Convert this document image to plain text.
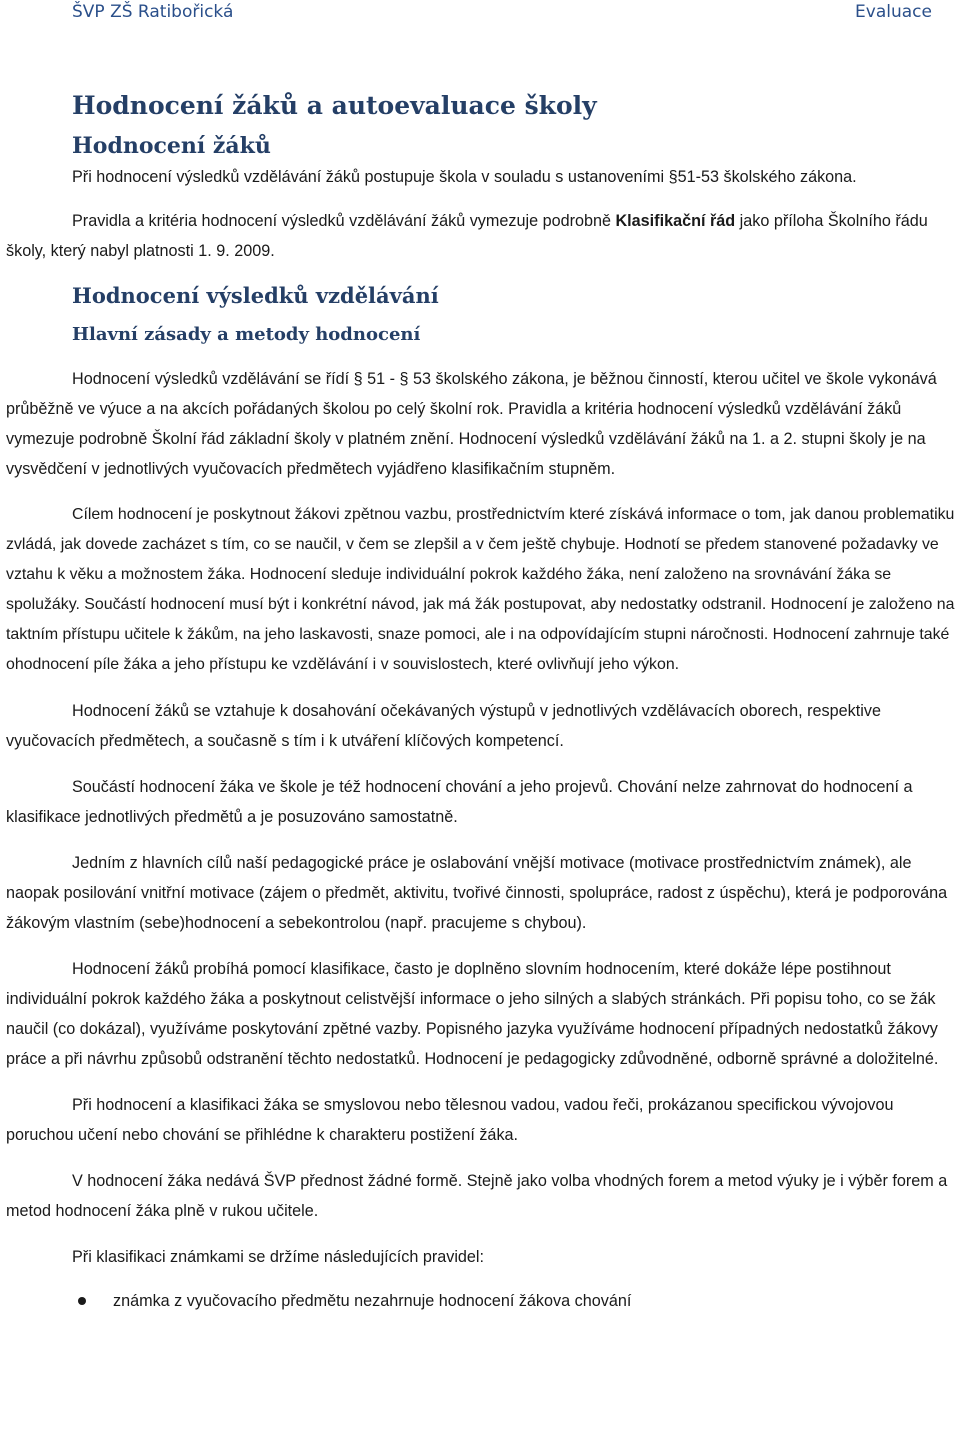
ŠVP ZŠ Ratibořická	Evaluace
Hodnocení žáků a autoevaluace školy
Hodnocení žáků

Při hodnocení výsledků vzdělávání žáků postupuje škola v souladu s ustanoveními §51-53 školského zákona.

Pravidla a kritéria hodnocení výsledků vzdělávání žáků vymezuje podrobně Klasifikační řád jako příloha Školního řádu školy, který nabyl platnosti 1. 9. 2009.

Hodnocení výsledků vzdělávání
Hlavní zásady a metody hodnocení

Hodnocení výsledků vzdělávání se řídí § 51 - § 53 školského zákona, je běžnou činností, kterou učitel ve škole vykonává průběžně ve výuce a na akcích pořádaných školou po celý školní rok. Pravidla a kritéria hodnocení výsledků vzdělávání žáků vymezuje podrobně Školní řád základní školy v platném znění. Hodnocení výsledků vzdělávání žáků na 1. a 2. stupni školy je na vysvědčení v jednotlivých vyučovacích předmětech vyjádřeno klasifikačním stupněm.

Cílem hodnocení je poskytnout žákovi zpětnou vazbu, prostřednictvím které získává informace o tom, jak danou problematiku zvládá, jak dovede zacházet s tím, co se naučil, v čem se zlepšil a v čem ještě chybuje. Hodnotí se předem stanovené požadavky ve vztahu k věku a možnostem žáka. Hodnocení sleduje individuální pokrok každého žáka, není založeno na srovnávání žáka se spolužáky. Součástí hodnocení musí být i konkrétní návod, jak má žák postupovat, aby nedostatky odstranil. Hodnocení je založeno na taktním přístupu učitele k žákům, na jeho laskavosti, snaze pomoci, ale i na odpovídajícím stupni náročnosti. Hodnocení zahrnuje také ohodnocení píle žáka a jeho přístupu ke vzdělávání i v souvislostech, které ovlivňují jeho výkon.

Hodnocení žáků se vztahuje k dosahování očekávaných výstupů v jednotlivých vzdělávacích oborech, respektive vyučovacích předmětech, a současně s tím i k utváření klíčových kompetencí.

Součástí hodnocení žáka ve škole je též hodnocení chování a jeho projevů. Chování nelze zahrnovat do hodnocení a klasifikace jednotlivých předmětů a je posuzováno samostatně.

Jedním z hlavních cílů naší pedagogické práce je oslabování vnější motivace (motivace prostřednictvím známek), ale naopak posilování vnitřní motivace (zájem o předmět, aktivitu, tvořivé činnosti, spolupráce, radost z úspěchu), která je podporována žákovým vlastním (sebe)hodnocení a sebekontrolou (např. pracujeme s chybou).

Hodnocení žáků probíhá pomocí klasifikace, často je doplněno slovním hodnocením, které dokáže lépe postihnout individuální pokrok každého žáka a poskytnout celistvější informace o jeho silných a slabých stránkách. Při popisu toho, co se žák naučil (co dokázal), využíváme poskytování zpětné vazby. Popisného jazyka využíváme hodnocení případných nedostatků žákovy práce a při návrhu způsobů odstranění těchto nedostatků. Hodnocení je pedagogicky zdůvodněné, odborně správné a doložitelné.

Při hodnocení a klasifikaci žáka se smyslovou nebo tělesnou vadou, vadou řeči, prokázanou specifickou vývojovou poruchou učení nebo chování se přihlédne k charakteru postižení žáka.

V hodnocení žáka nedává ŠVP přednost žádné formě. Stejně jako volba vhodných forem a metod výuky je i výběr forem a metod hodnocení žáka plně v rukou učitele.

Při klasifikaci známkami se držíme následujících pravidel:

známka z vyučovacího předmětu nezahrnuje hodnocení žákova chování
